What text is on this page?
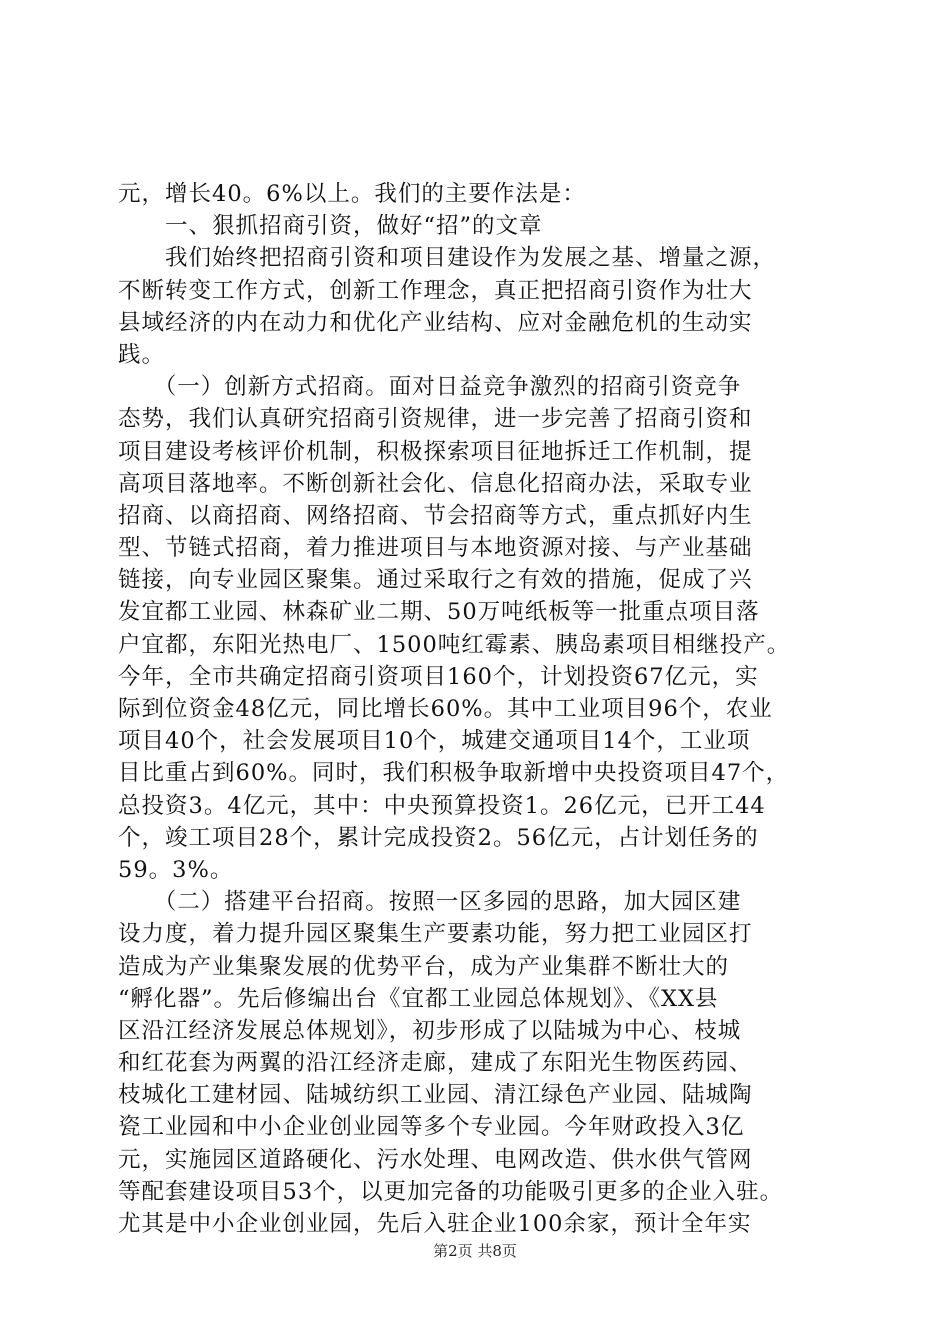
元，增长40。6%以上。我们的主要作法是：
　　一、狠抓招商引资，做好“招”的文章
　　我们始终把招商引资和项目建设作为发展之基、增量之源，
不断转变工作方式，创新工作理念，真正把招商引资作为壮大
县域经济的内在动力和优化产业结构、应对金融危机的生动实
践。
　　（一）创新方式招商。面对日益竞争激烈的招商引资竞争
态势，我们认真研究招商引资规律，进一步完善了招商引资和
项目建设考核评价机制，积极探索项目征地拆迁工作机制，提
高项目落地率。不断创新社会化、信息化招商办法，采取专业
招商、以商招商、网络招商、节会招商等方式，重点抓好内生
型、节链式招商，着力推进项目与本地资源对接、与产业基础
链接，向专业园区聚集。通过采取行之有效的措施，促成了兴
发宜都工业园、林森矿业二期、50万吨纸板等一批重点项目落
户宜都，东阳光热电厂、1500吨红霉素、胰岛素项目相继投产。
今年，全市共确定招商引资项目160个，计划投资67亿元，实
际到位资金48亿元，同比增长60%。其中工业项目96个，农业
项目40个，社会发展项目10个，城建交通项目14个，工业项
目比重占到60%。同时，我们积极争取新增中央投资项目47个，
总投资3。4亿元，其中：中央预算投资1。26亿元，已开工44
个，竣工项目28个，累计完成投资2。56亿元，占计划任务的
59。3%。
　　（二）搭建平台招商。按照一区多园的思路，加大园区建
设力度，着力提升园区聚集生产要素功能，努力把工业园区打
造成为产业集聚发展的优势平台，成为产业集群不断壮大的
“孵化器”。先后修编出台《宜都工业园总体规划》、《XX县
区沿江经济发展总体规划》，初步形成了以陆城为中心、枝城
和红花套为两翼的沿江经济走廊，建成了东阳光生物医药园、
枝城化工建材园、陆城纺织工业园、清江绿色产业园、陆城陶
瓷工业园和中小企业创业园等多个专业园。今年财政投入3亿
元，实施园区道路硬化、污水处理、电网改造、供水供气管网
等配套建设项目53个，以更加完备的功能吸引更多的企业入驻。
尤其是中小企业创业园，先后入驻企业100余家，预计全年实
第2页 共8页
